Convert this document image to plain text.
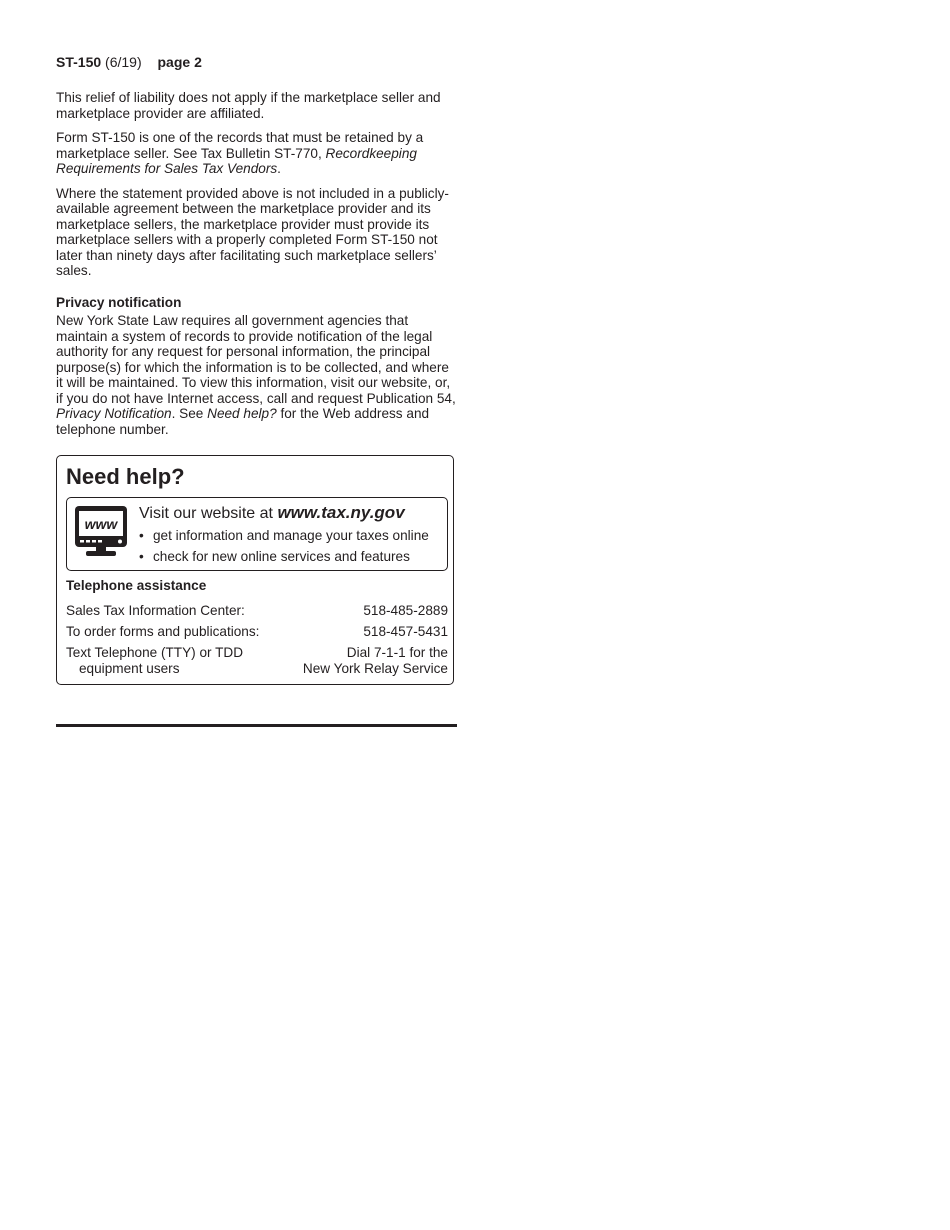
ST-150 (6/19) page 2

This relief of liability does not apply if the marketplace seller and marketplace provider are affiliated.

Form ST-150 is one of the records that must be retained by a marketplace seller. See Tax Bulletin ST-770, Recordkeeping Requirements for Sales Tax Vendors.

Where the statement provided above is not included in a publicly-available agreement between the marketplace provider and its marketplace sellers, the marketplace provider must provide its marketplace sellers with a properly completed Form ST-150 not later than ninety days after facilitating such marketplace sellers’ sales.

Privacy notification

New York State Law requires all government agencies that maintain a system of records to provide notification of the legal authority for any request for personal information, the principal purpose(s) for which the information is to be collected, and where it will be maintained. To view this information, visit our website, or, if you do not have Internet access, call and request Publication 54, Privacy Notification. See Need help? for the Web address and telephone number.

Need help?
www
Visit our website at www.tax.ny.gov
• get information and manage your taxes online
• check for new online services and features
Telephone assistance
Sales Tax Information Center:	518-485-2889
To order forms and publications:	518-457-5431
Text Telephone (TTY) or TDD
equipment users
Dial 7-1-1 for the
New York Relay Service
